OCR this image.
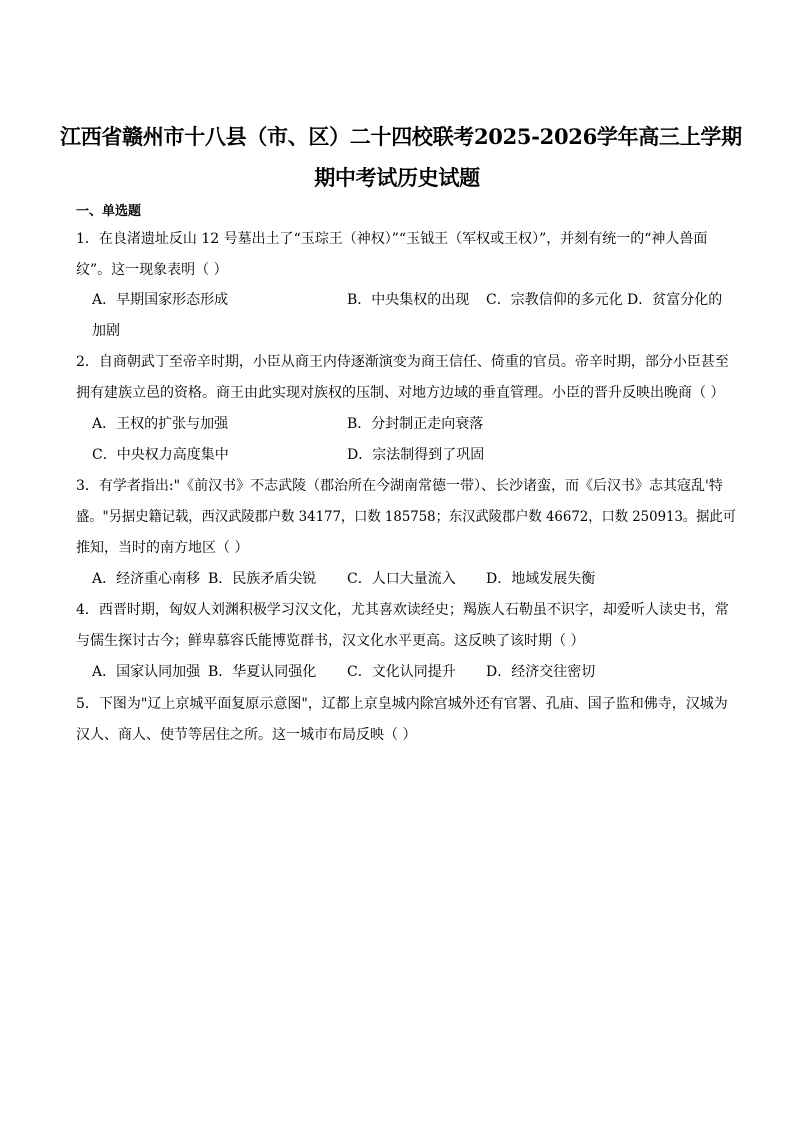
江西省赣州市十八县（市、区）二十四校联考2025-2026学年高三上学期
期中考试历史试题
一、单选题
1．在良渚遗址反山 12 号墓出土了“玉琮王（神权）”“玉钺王（军权或王权）”，并刻有统一的“神人兽面
纹”。这一现象表明（ ）
A．早期国家形态形成	B．中央集权的出现 C．宗教信仰的多元化 D．贫富分化的
加剧
2．自商朝武丁至帝辛时期，小臣从商王内侍逐渐演变为商王信任、倚重的官员。帝辛时期，部分小臣甚至
拥有建族立邑的资格。商王由此实现对族权的压制、对地方边域的垂直管理。小臣的晋升反映出晚商（ ）
A．王权的扩张与加强	B．分封制正走向衰落
C．中央权力高度集中	D．宗法制得到了巩固
3．有学者指出:"《前汉书》不志武陵（郡治所在今湖南常德一带）、长沙诸蛮，而《后汉书》志其寇乱'特
盛。"另据史籍记载，西汉武陵郡户数 34177，口数 185758；东汉武陵郡户数 46672，口数 250913。据此可
推知，当时的南方地区（ ）
A．经济重心南移 B．民族矛盾尖锐 C．人口大量流入 D．地域发展失衡
4．西晋时期，匈奴人刘渊积极学习汉文化，尤其喜欢读经史；羯族人石勒虽不识字，却爱听人读史书，常
与儒生探讨古今；鲜卑慕容氏能博览群书，汉文化水平更高。这反映了该时期（ ）
A．国家认同加强 B．华夏认同强化 C．文化认同提升 D．经济交往密切
5．下图为"辽上京城平面复原示意图"，辽都上京皇城内除宫城外还有官署、孔庙、国子监和佛寺，汉城为
汉人、商人、使节等居住之所。这一城市布局反映（ ）
